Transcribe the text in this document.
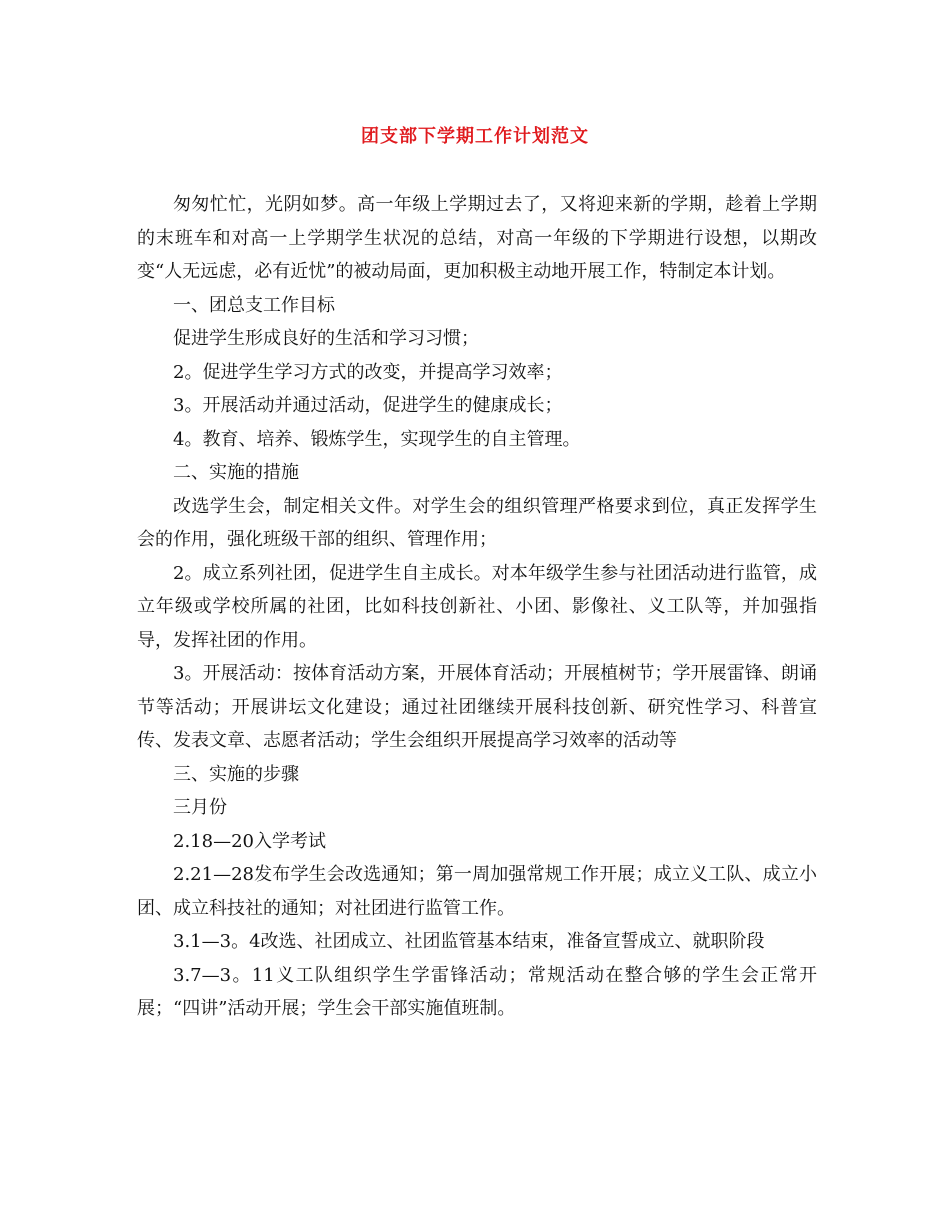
团支部下学期工作计划范文

匆匆忙忙，光阴如梦。高一年级上学期过去了，又将迎来新的学期，趁着上学期的末班车和对高一上学期学生状况的总结，对高一年级的下学期进行设想，以期改变“人无远虑，必有近忧”的被动局面，更加积极主动地开展工作，特制定本计划。

一、团总支工作目标

促进学生形成良好的生活和学习习惯；

2。促进学生学习方式的改变，并提高学习效率；

3。开展活动并通过活动，促进学生的健康成长；

4。教育、培养、锻炼学生，实现学生的自主管理。

二、实施的措施

改选学生会，制定相关文件。对学生会的组织管理严格要求到位，真正发挥学生会的作用，强化班级干部的组织、管理作用；

2。成立系列社团，促进学生自主成长。对本年级学生参与社团活动进行监管，成立年级或学校所属的社团，比如科技创新社、小团、影像社、义工队等，并加强指导，发挥社团的作用。

3。开展活动：按体育活动方案，开展体育活动；开展植树节；学开展雷锋、朗诵节等活动；开展讲坛文化建设；通过社团继续开展科技创新、研究性学习、科普宣传、发表文章、志愿者活动；学生会组织开展提高学习效率的活动等

三、实施的步骤

三月份

2.18—20入学考试

2.21—28发布学生会改选通知；第一周加强常规工作开展；成立义工队、成立小团、成立科技社的通知；对社团进行监管工作。

3.1—3。4改选、社团成立、社团监管基本结束，准备宣誓成立、就职阶段

3.7—3。11义工队组织学生学雷锋活动；常规活动在整合够的学生会正常开展；“四讲”活动开展；学生会干部实施值班制。
